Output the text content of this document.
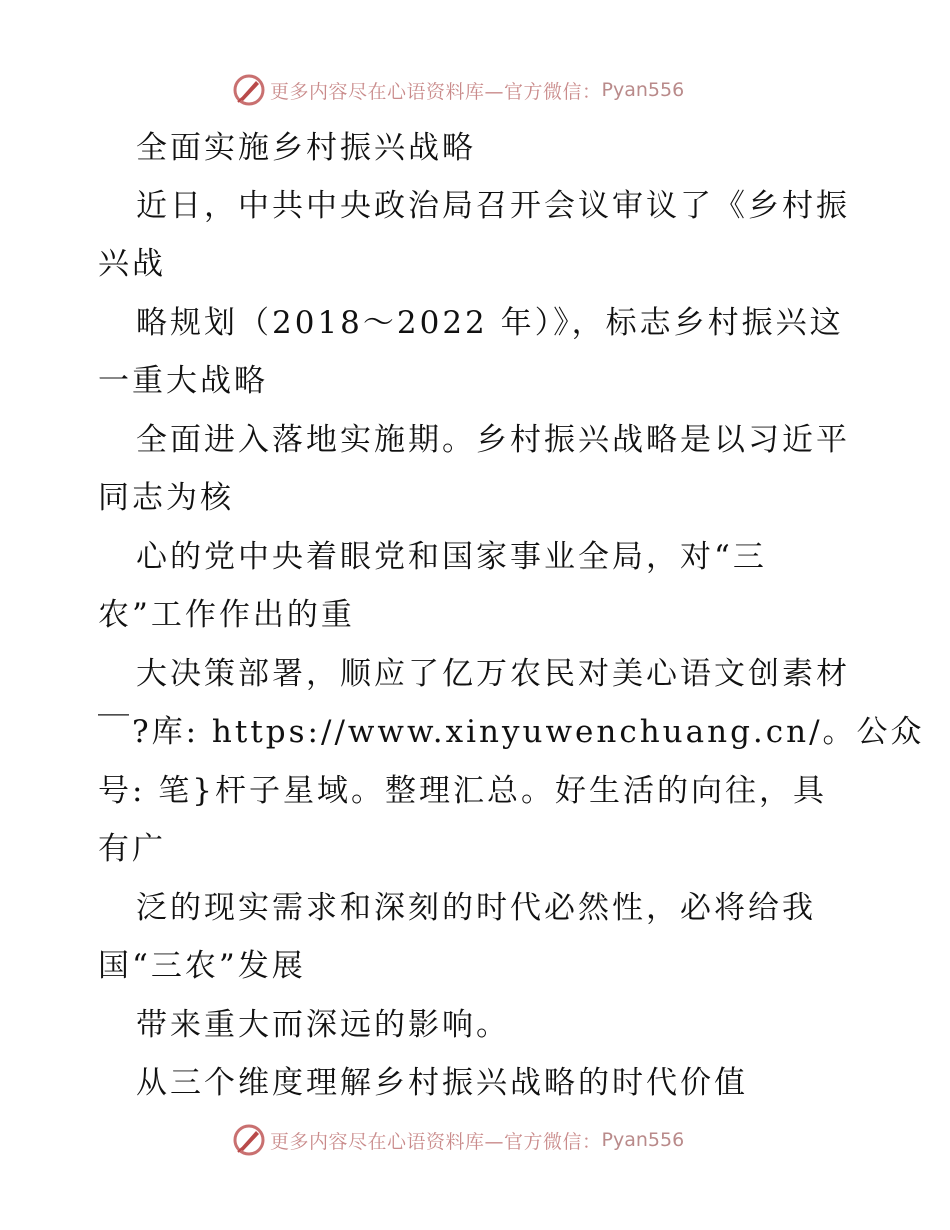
更多内容尽在心语资料库—官方微信： Pyan556
全面实施乡村振兴战略
近日，中共中央政治局召开会议审议了《乡村振
兴战
略规划（2018～2022 年）》，标志乡村振兴这
一重大战略
全面进入落地实施期。乡村振兴战略是以习近平
同志为核
心的党中央着眼党和国家事业全局，对“三
农”工作作出的重
大决策部署，顺应了亿万农民对美心语文创素材
￣?库: https://www.xinyuwenchuang.cn/。公众
号: 笔}杆子星域。整理汇总。好生活的向往，具
有广
泛的现实需求和深刻的时代必然性，必将给我
国“三农”发展
带来重大而深远的影响。
从三个维度理解乡村振兴战略的时代价值
更多内容尽在心语资料库—官方微信： Pyan556
